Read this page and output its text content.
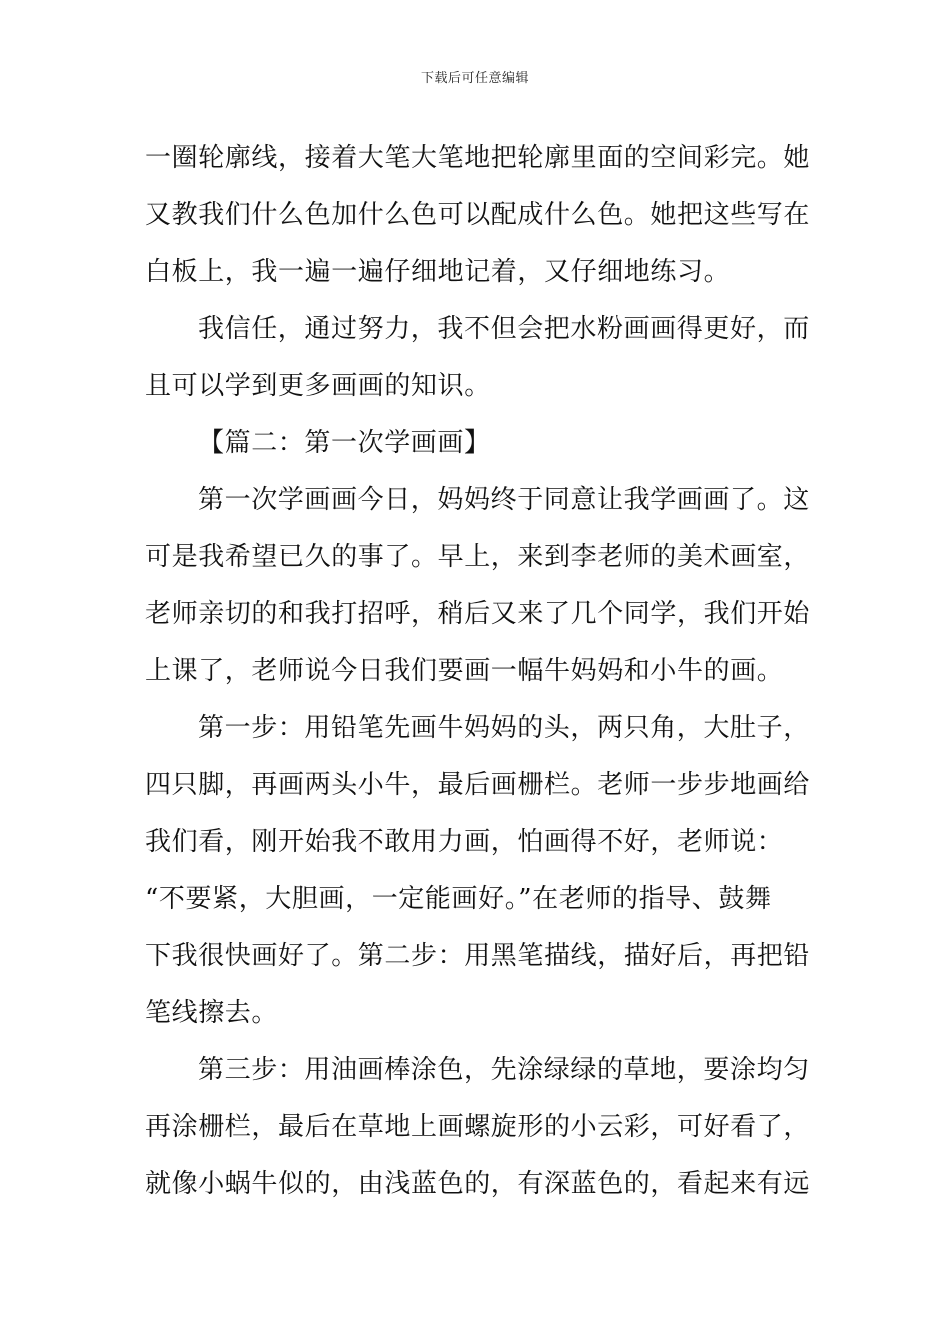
下载后可任意编辑
一圈轮廓线，接着大笔大笔地把轮廓里面的空间彩完。她
又教我们什么色加什么色可以配成什么色。她把这些写在
白板上，我一遍一遍仔细地记着，又仔细地练习。
我信任，通过努力，我不但会把水粉画画得更好，而
且可以学到更多画画的知识。
【篇二：第一次学画画】
第一次学画画今日，妈妈终于同意让我学画画了。这
可是我希望已久的事了。早上，来到李老师的美术画室，
老师亲切的和我打招呼，稍后又来了几个同学，我们开始
上课了，老师说今日我们要画一幅牛妈妈和小牛的画。
第一步：用铅笔先画牛妈妈的头，两只角，大肚子，
四只脚，再画两头小牛，最后画栅栏。老师一步步地画给
我们看，刚开始我不敢用力画，怕画得不好，老师说：
“不要紧，大胆画，一定能画好。”在老师的指导、鼓舞
下我很快画好了。第二步：用黑笔描线，描好后，再把铅
笔线擦去。
第三步：用油画棒涂色，先涂绿绿的草地，要涂均匀
再涂栅栏，最后在草地上画螺旋形的小云彩，可好看了，
就像小蜗牛似的，由浅蓝色的，有深蓝色的，看起来有远
